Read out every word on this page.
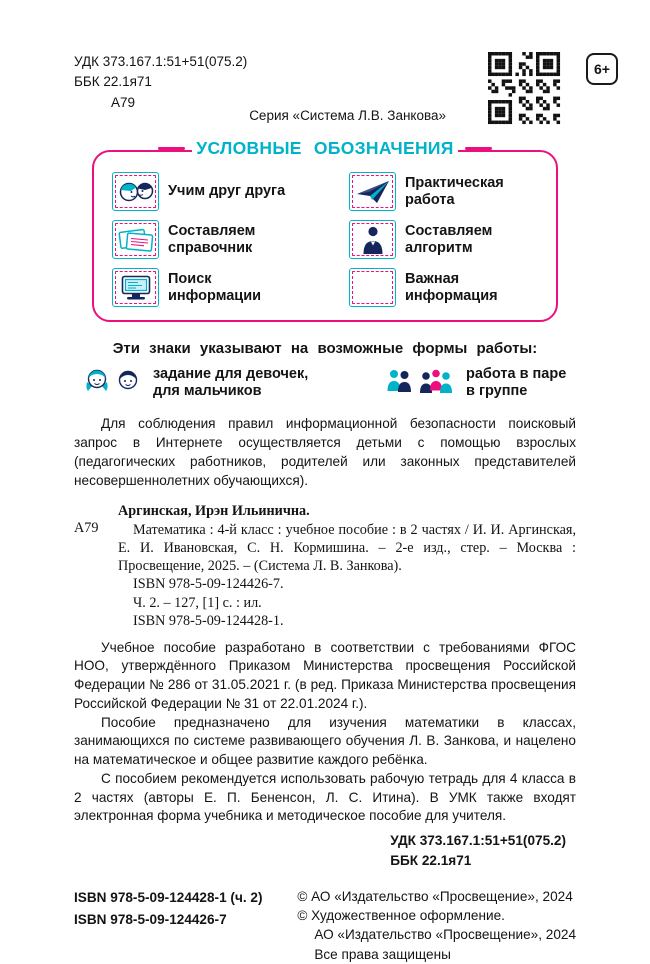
УДК 373.167.1:51+51(075.2)
ББК 22.1я71
А79
Серия «Система Л.В. Занкова»
6+
УСЛОВНЫЕ ОБОЗНАЧЕНИЯ
Учим друг друга
Составляем справочник
Поиск информации
Практическая работа
Составляем алгоритм
Важная информация
Эти знаки указывают на возможные формы работы:
задание для девочек, для мальчиков
работа в паре в группе

Для соблюдения правил информационной безопасности поисковый запрос в Интернете осуществляется детьми с помощью взрослых (педагогических работников, родителей или законных представителей несовершеннолетних обучающихся).

А79
Аргинская, Ирэн Ильинична.
Математика : 4-й класс : учебное пособие : в 2 частях / И. И. Аргинская, Е. И. Ивановская, С. Н. Кормишина. – 2-е изд., стер. – Москва : Просвещение, 2025. – (Система Л. В. Занкова).
ISBN 978-5-09-124426-7.
Ч. 2. – 127, [1] с. : ил.
ISBN 978-5-09-124428-1.

Учебное пособие разработано в соответствии с требованиями ФГОС НОО, утверждённого Приказом Министерства просвещения Российской Федерации № 286 от 31.05.2021 г. (в ред. Приказа Министерства просвещения Российской Федерации № 31 от 22.01.2024 г.).

Пособие предназначено для изучения математики в классах, занимающихся по системе развивающего обучения Л. В. Занкова, и нацелено на математическое и общее развитие каждого ребёнка.

С пособием рекомендуется использовать рабочую тетрадь для 4 класса в 2 частях (авторы Е. П. Бененсон, Л. С. Итина). В УМК также входят электронная форма учебника и методическое пособие для учителя.

УДК 373.167.1:51+51(075.2)
ББК 22.1я71
ISBN 978-5-09-124428-1 (ч. 2)
ISBN 978-5-09-124426-7
© АО «Издательство «Просвещение», 2024
© Художественное оформление.
АО «Издательство «Просвещение», 2024
Все права защищены
